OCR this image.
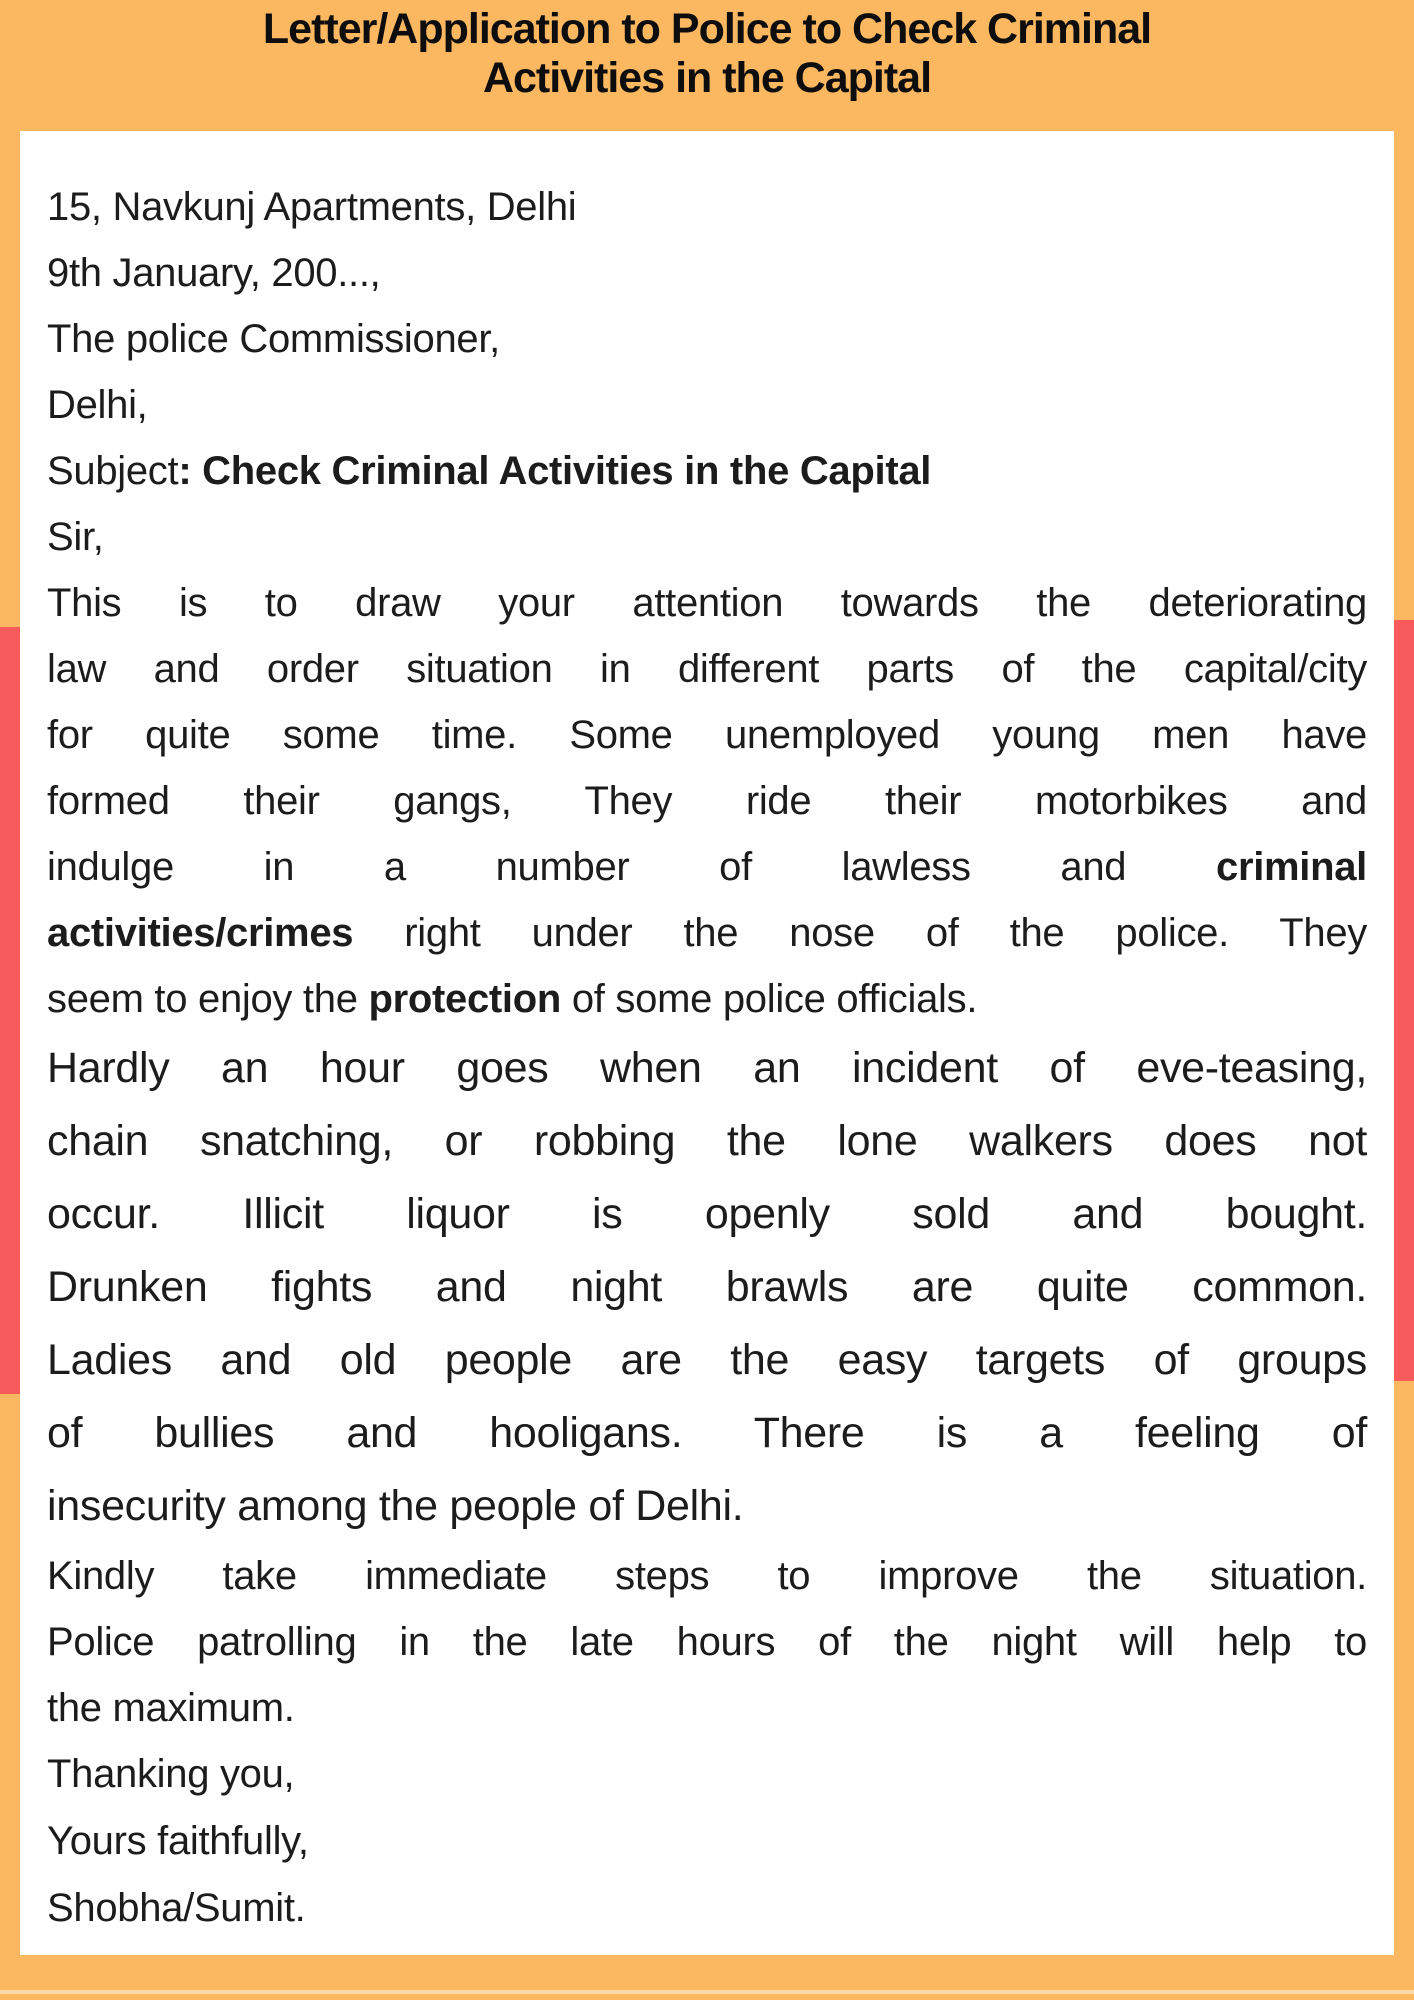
Letter/Application to Police to Check Criminal
Activities in the Capital
15, Navkunj Apartments, Delhi
9th January, 200...,
The police Commissioner,
Delhi,
Subject: Check Criminal Activities in the Capital
Sir,
This is to draw your attention towards the deteriorating
law and order situation in different parts of the capital/city
for quite some time. Some unemployed young men have
formed their gangs, They ride their motorbikes and
indulge in a number of lawless and criminal
activities/crimes right under the nose of the police. They
seem to enjoy the protection of some police officials.
Hardly an hour goes when an incident of eve-teasing,
chain snatching, or robbing the lone walkers does not
occur. Illicit liquor is openly sold and bought.
Drunken fights and night brawls are quite common.
Ladies and old people are the easy targets of groups
of bullies and hooligans. There is a feeling of
insecurity among the people of Delhi.
Kindly take immediate steps to improve the situation.
Police patrolling in the late hours of the night will help to
the maximum.
Thanking you,
Yours faithfully,
Shobha/Sumit.
